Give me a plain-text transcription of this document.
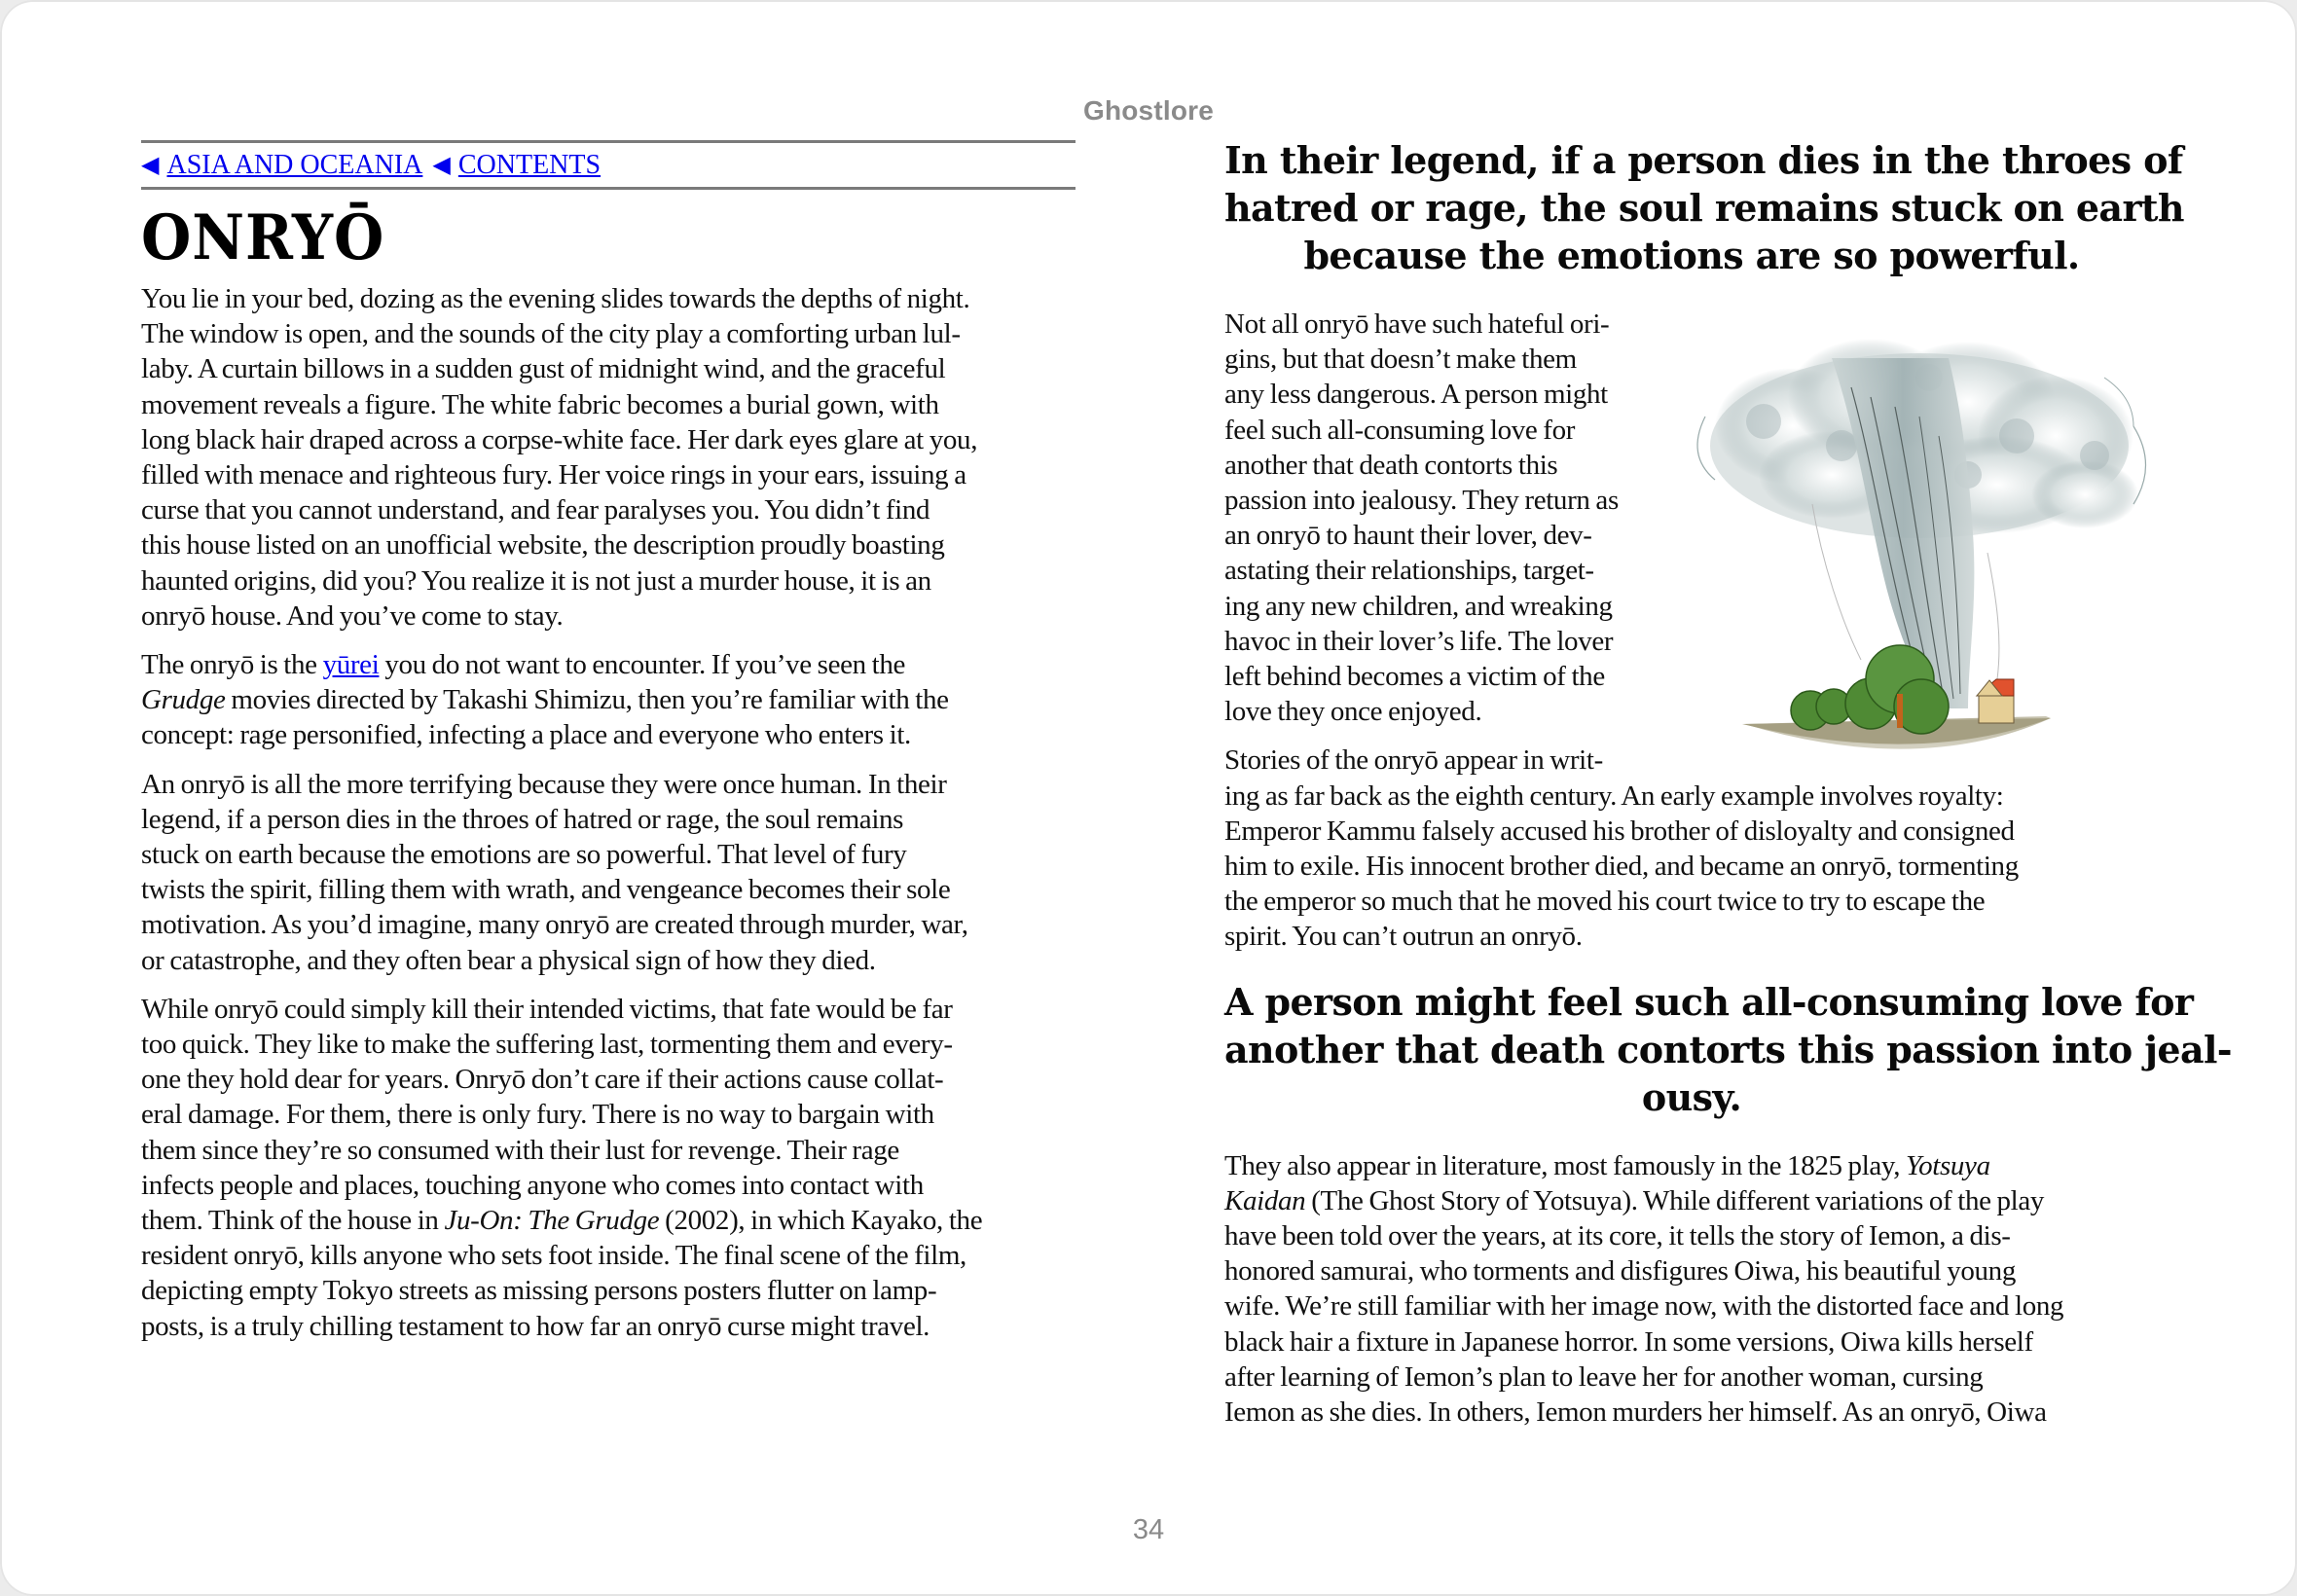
Ghostlore
◀ ASIA AND OCEANIA ◀ CONTENTS
ONRYŌ

You lie in your bed, dozing as the evening slides towards the depths of night.
The window is open, and the sounds of the city play a comforting urban lul-
laby. A curtain billows in a sudden gust of midnight wind, and the graceful
movement reveals a figure. The white fabric becomes a burial gown, with
long black hair draped across a corpse-white face. Her dark eyes glare at you,
filled with menace and righteous fury. Her voice rings in your ears, issuing a
curse that you cannot understand, and fear paralyses you. You didn’t find
this house listed on an unofficial website, the description proudly boasting
haunted origins, did you? You realize it is not just a murder house, it is an
onryō house. And you’ve come to stay.

The onryō is the yūrei you do not want to encounter. If you’ve seen the
Grudge movies directed by Takashi Shimizu, then you’re familiar with the
concept: rage personified, infecting a place and everyone who enters it.

An onryō is all the more terrifying because they were once human. In their
legend, if a person dies in the throes of hatred or rage, the soul remains
stuck on earth because the emotions are so powerful. That level of fury
twists the spirit, filling them with wrath, and vengeance becomes their sole
motivation. As you’d imagine, many onryō are created through murder, war,
or catastrophe, and they often bear a physical sign of how they died.

While onryō could simply kill their intended victims, that fate would be far
too quick. They like to make the suffering last, tormenting them and every-
one they hold dear for years. Onryō don’t care if their actions cause collat-
eral damage. For them, there is only fury. There is no way to bargain with
them since they’re so consumed with their lust for revenge. Their rage
infects people and places, touching anyone who comes into contact with
them. Think of the house in Ju-On: The Grudge (2002), in which Kayako, the
resident onryō, kills anyone who sets foot inside. The final scene of the film,
depicting empty Tokyo streets as missing persons posters flutter on lamp-
posts, is a truly chilling testament to how far an onryō curse might travel.

In their legend, if a person dies in the throes of
hatred or rage, the soul remains stuck on earth
because the emotions are so powerful.

Not all onryō have such hateful ori-
gins, but that doesn’t make them
any less dangerous. A person might
feel such all-consuming love for
another that death contorts this
passion into jealousy. They return as
an onryō to haunt their lover, dev-
astating their relationships, target-
ing any new children, and wreaking
havoc in their lover’s life. The lover
left behind becomes a victim of the
love they once enjoyed.

Stories of the onryō appear in writ-
ing as far back as the eighth century. An early example involves royalty:
Emperor Kammu falsely accused his brother of disloyalty and consigned
him to exile. His innocent brother died, and became an onryō, tormenting
the emperor so much that he moved his court twice to try to escape the
spirit. You can’t outrun an onryō.

A person might feel such all-consuming love for
another that death contorts this passion into jeal-
ousy.

They also appear in literature, most famously in the 1825 play, Yotsuya
Kaidan (The Ghost Story of Yotsuya). While different variations of the play
have been told over the years, at its core, it tells the story of Iemon, a dis-
honored samurai, who torments and disfigures Oiwa, his beautiful young
wife. We’re still familiar with her image now, with the distorted face and long
black hair a fixture in Japanese horror. In some versions, Oiwa kills herself
after learning of Iemon’s plan to leave her for another woman, cursing
Iemon as she dies. In others, Iemon murders her himself. As an onryō, Oiwa

34
